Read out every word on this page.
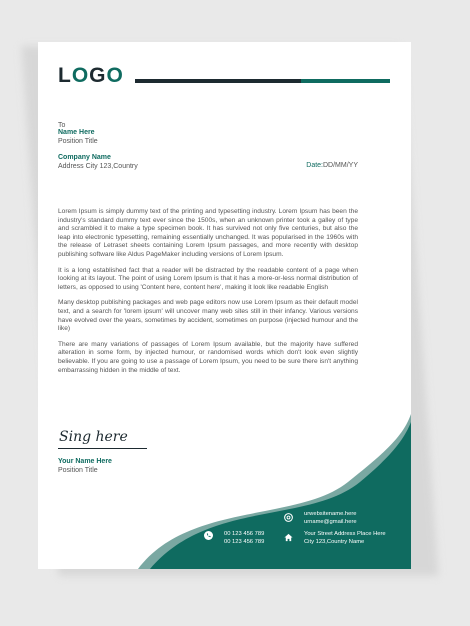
LOGO
To
Name Here
Position Title
Company Name
Address City 123,Country	Date:DD/MM/YY

Lorem Ipsum is simply dummy text of the printing and typesetting industry. Lorem Ipsum has been the industry's standard dummy text ever since the 1500s, when an unknown printer took a galley of type and scrambled it to make a type specimen book. It has survived not only five centuries, but also the leap into electronic typesetting, remaining essentially unchanged. It was popularised in the 1960s with the release of Letraset sheets containing Lorem Ipsum passages, and more recently with desktop publishing software like Aldus PageMaker including versions of Lorem Ipsum.

It is a long established fact that a reader will be distracted by the readable content of a page when looking at its layout. The point of using Lorem Ipsum is that it has a more-or-less normal distribution of letters, as opposed to using 'Content here, content here', making it look like readable English

Many desktop publishing packages and web page editors now use Lorem Ipsum as their default model text, and a search for 'lorem ipsum' will uncover many web sites still in their infancy. Various versions have evolved over the years, sometimes by accident, sometimes on purpose (injected humour and the like)

There are many variations of passages of Lorem Ipsum available, but the majority have suffered alteration in some form, by injected humour, or randomised words which don't look even slightly believable. If you are going to use a passage of Lorem Ipsum, you need to be sure there isn't anything embarrassing hidden in the middle of text.

Sing here
Your Name Here
Position Title
00 123 456 789
00 123 456 789
urwebsitename.here
urname@gmail.here
Your Street Address Place Here
City 123,Country Name
